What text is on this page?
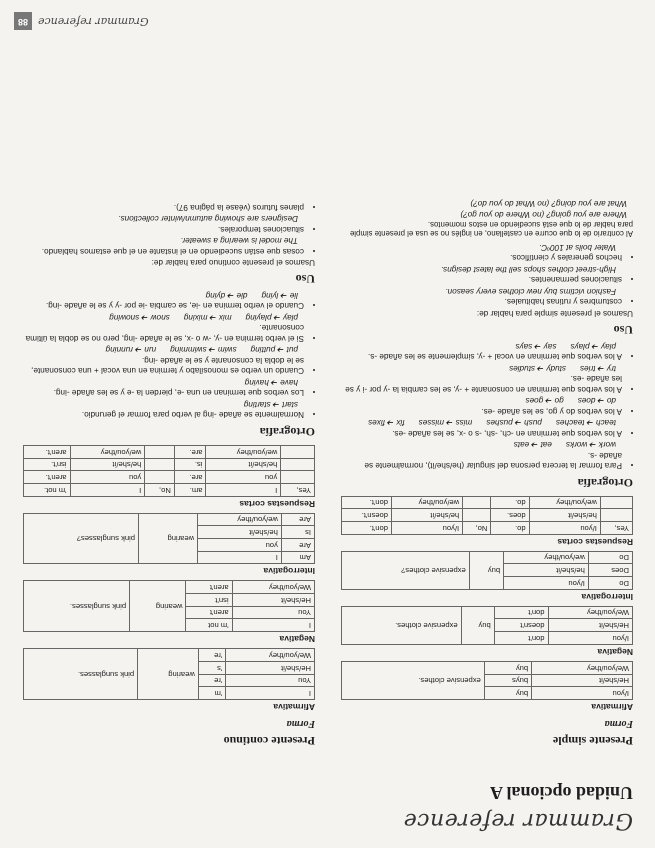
Grammar reference
Unidad opcional A
Presente simple
Forma
Afirmativa
I/you	buy	expensive clothes.
He/she/it	buys	
We/you/they	buy	
Negativa
I/you	don't	buy	expensive clothes.
He/she/it	doesn't		
We/you/they	don't		
Interrogativa
Do	I/you	buy	expensive clothes?
Does	he/she/it		
Do	we/you/they		
Respuestas cortas
Yes,	I/you	do.	No,	I/you	don't.
	he/she/it	does.		he/she/it	doesn't.
	we/you/they	do.		we/you/they	don't.
Ortografía
• Para formar la tercera persona del singular (he/she/it), normalmente se añade -s.
work ➔ workseat ➔ eats
• A los verbos que terminan en -ch, -sh, -s o -x, se les añade -es.
teach ➔ teachespush ➔ pushesmiss ➔ missesfix ➔ fixes
• A los verbos do y go, se les añade -es.
do ➔ doesgo ➔ goes
• A los verbos que terminan en consonante + -y, se les cambia la -y por -i y se les añade -es.
try ➔ triesstudy ➔ studies
• A los verbos que terminan en vocal + -y, simplemente se les añade -s.
play ➔ playssay ➔ says
Uso
Usamos el presente simple para hablar de:
• costumbres y rutinas habituales.
Fashion victims buy new clothes every season.
• situaciones permanentes.
High-street clothes shops sell the latest designs.
• hechos generales y científicos.
Water boils at 100ºC.
Al contrario de lo que ocurre en castellano, en inglés no se usa el presente simple para hablar de lo que está sucediendo en estos momentos.
Where are you going? (no Where do you go?)
What are you doing? (no What do you do?)
Presente continuo
Forma
Afirmativa
I	'm	wearing	pink sunglasses.
You	're		
He/she/it	's		
We/you/they	're		
Negativa
I	'm not	wearing	pink sunglasses.
You	aren't		
He/she/it	isn't		
We/you/they	aren't		
Interrogativa
Am	I	wearing	pink sunglasses?
Are	you		
Is	he/she/it		
Are	we/you/they		
Respuestas cortas
Yes,	I	am.	No,	I	'm not.
	you	are.		you	aren't.
	he/she/it	is.		he/she/it	isn't.
	we/you/they	are.		we/you/they	aren't.
Ortografía
• Normalmente se añade -ing al verbo para formar el gerundio.
start ➔ starting
• Los verbos que terminan en una -e, pierden la -e y se les añade -ing.
have ➔ having
• Cuando un verbo es monosílabo y termina en una vocal + una consonante, se le dobla la consonante y se le añade -ing.
put ➔ puttingswim ➔ swimmingrun ➔ running
• Si el verbo termina en -y, -w o -x, se le añade -ing, pero no se dobla la última consonante.
play ➔ playingmix ➔ mixingsnow ➔ snowing
• Cuando el verbo termina en -ie, se cambia -ie por -y y se le añade -ing.
lie ➔ lyingdie ➔ dying
Uso
Usamos el presente continuo para hablar de:
• cosas que están sucediendo en el instante en el que estamos hablando.
The model is wearing a sweater.
• situaciones temporales.
Designers are showing autumn/winter collections.
• planes futuros (véase la página 97).
Grammar reference
88
